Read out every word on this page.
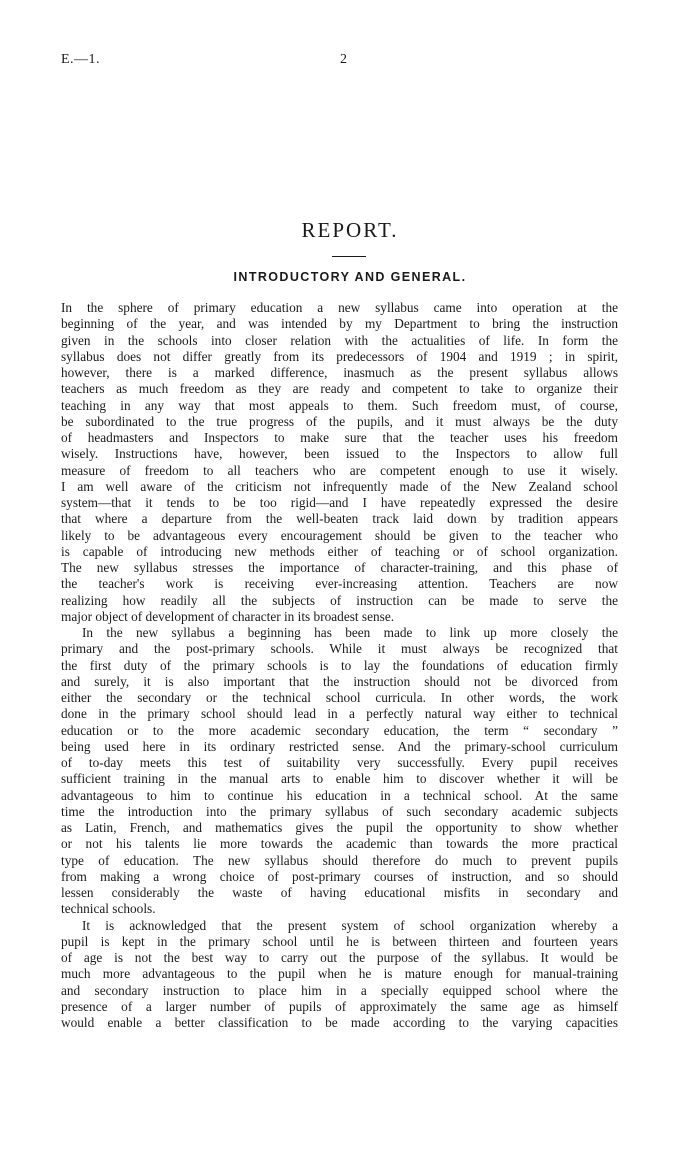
E.—1.	2
REPORT.
INTRODUCTORY AND GENERAL.

In the sphere of primary education a new syllabus came into operation at the
beginning of the year, and was intended by my Department to bring the instruction
given in the schools into closer relation with the actualities of life. In form the
syllabus does not differ greatly from its predecessors of 1904 and 1919 ; in spirit,
however, there is a marked difference, inasmuch as the present syllabus allows
teachers as much freedom as they are ready and competent to take to organize their
teaching in any way that most appeals to them. Such freedom must, of course,
be subordinated to the true progress of the pupils, and it must always be the duty
of headmasters and Inspectors to make sure that the teacher uses his freedom
wisely. Instructions have, however, been issued to the Inspectors to allow full
measure of freedom to all teachers who are competent enough to use it wisely.
I am well aware of the criticism not infrequently made of the New Zealand school
system—that it tends to be too rigid—and I have repeatedly expressed the desire
that where a departure from the well-beaten track laid down by tradition appears
likely to be advantageous every encouragement should be given to the teacher who
is capable of introducing new methods either of teaching or of school organization.
The new syllabus stresses the importance of character-training, and this phase of
the teacher's work is receiving ever-increasing attention. Teachers are now
realizing how readily all the subjects of instruction can be made to serve the
major object of development of character in its broadest sense.

In the new syllabus a beginning has been made to link up more closely the
primary and the post-primary schools. While it must always be recognized that
the first duty of the primary schools is to lay the foundations of education firmly
and surely, it is also important that the instruction should not be divorced from
either the secondary or the technical school curricula. In other words, the work
done in the primary school should lead in a perfectly natural way either to technical
education or to the more academic secondary education, the term “ secondary ”
being used here in its ordinary restricted sense. And the primary-school curriculum
of to-day meets this test of suitability very successfully. Every pupil receives
sufficient training in the manual arts to enable him to discover whether it will be
advantageous to him to continue his education in a technical school. At the same
time the introduction into the primary syllabus of such secondary academic subjects
as Latin, French, and mathematics gives the pupil the opportunity to show whether
or not his talents lie more towards the academic than towards the more practical
type of education. The new syllabus should therefore do much to prevent pupils
from making a wrong choice of post-primary courses of instruction, and so should
lessen considerably the waste of having educational misfits in secondary and
technical schools.

It is acknowledged that the present system of school organization whereby a
pupil is kept in the primary school until he is between thirteen and fourteen years
of age is not the best way to carry out the purpose of the syllabus. It would be
much more advantageous to the pupil when he is mature enough for manual-training
and secondary instruction to place him in a specially equipped school where the
presence of a larger number of pupils of approximately the same age as himself
would enable a better classification to be made according to the varying capacities
